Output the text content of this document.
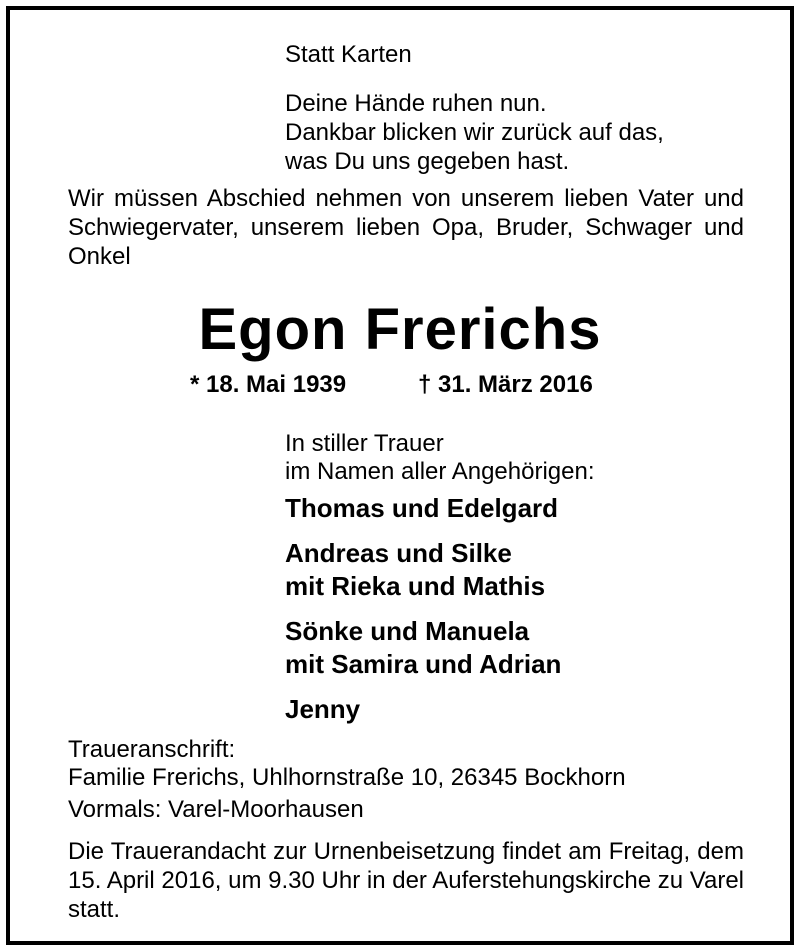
Statt Karten

Deine Hände ruhen nun.

Dankbar blicken wir zurück auf das,

was Du uns gegeben hast.

Wir müssen Abschied nehmen von unserem lieben Vater und Schwiegervater, unserem lieben Opa, Bruder, Schwager und Onkel

Egon Frerichs

* 18. Mai 1939	† 31. März 2016

In stiller Trauer

im Namen aller Angehörigen:

Thomas und Edelgard

Andreas und Silke

mit Rieka und Mathis

Sönke und Manuela

mit Samira und Adrian

Jenny

Traueranschrift:

Familie Frerichs, Uhlhornstraße 10, 26345 Bockhorn

Vormals: Varel-Moorhausen

Die Trauerandacht zur Urnenbeisetzung findet am Freitag, dem 15. April 2016, um 9.30 Uhr in der Auferstehungskirche zu Varel statt.
